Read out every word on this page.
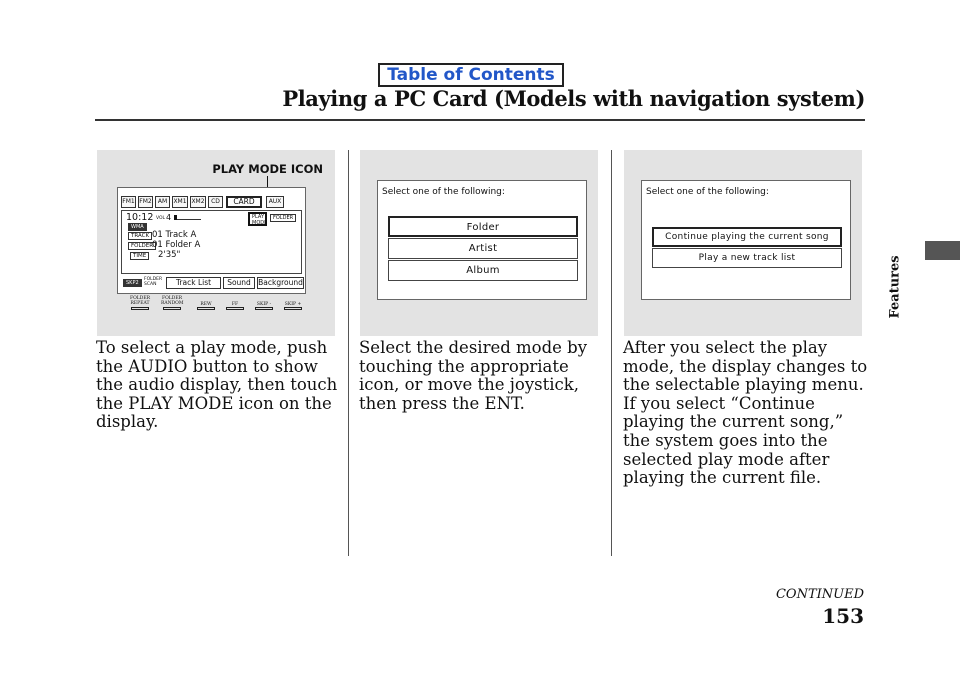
Table of Contents
Playing a PC Card (Models with navigation system)
PLAY MODE ICON
FM1 FM2	AM	XM1 XM2	CD	CARD	AUX
10:12 VOL 4
WMA
PLAY MODE
FOLDER
TRACK 01 Track A
FOLDER
01 Folder A
TIME	2'35"
SKP2
FOLDER SCAN	Track List	Sound Background
FOLDER REPEAT
FOLDER RANDOM	REW	FF	SKIP -	SKIP +
Select one of the following:
Folder
Artist
Album
Select one of the following:
Continue playing the current song
Play a new track list
To select a play mode, push the AUDIO button to show the audio display, then touch the PLAY MODE icon on the display.
Select the desired mode by touching the appropriate icon, or move the joystick, then press the ENT.
After you select the play mode, the display changes to the selectable playing menu. If you select “Continue playing the current song,” the system goes into the selected play mode after playing the current file.
Features
CONTINUED
153
